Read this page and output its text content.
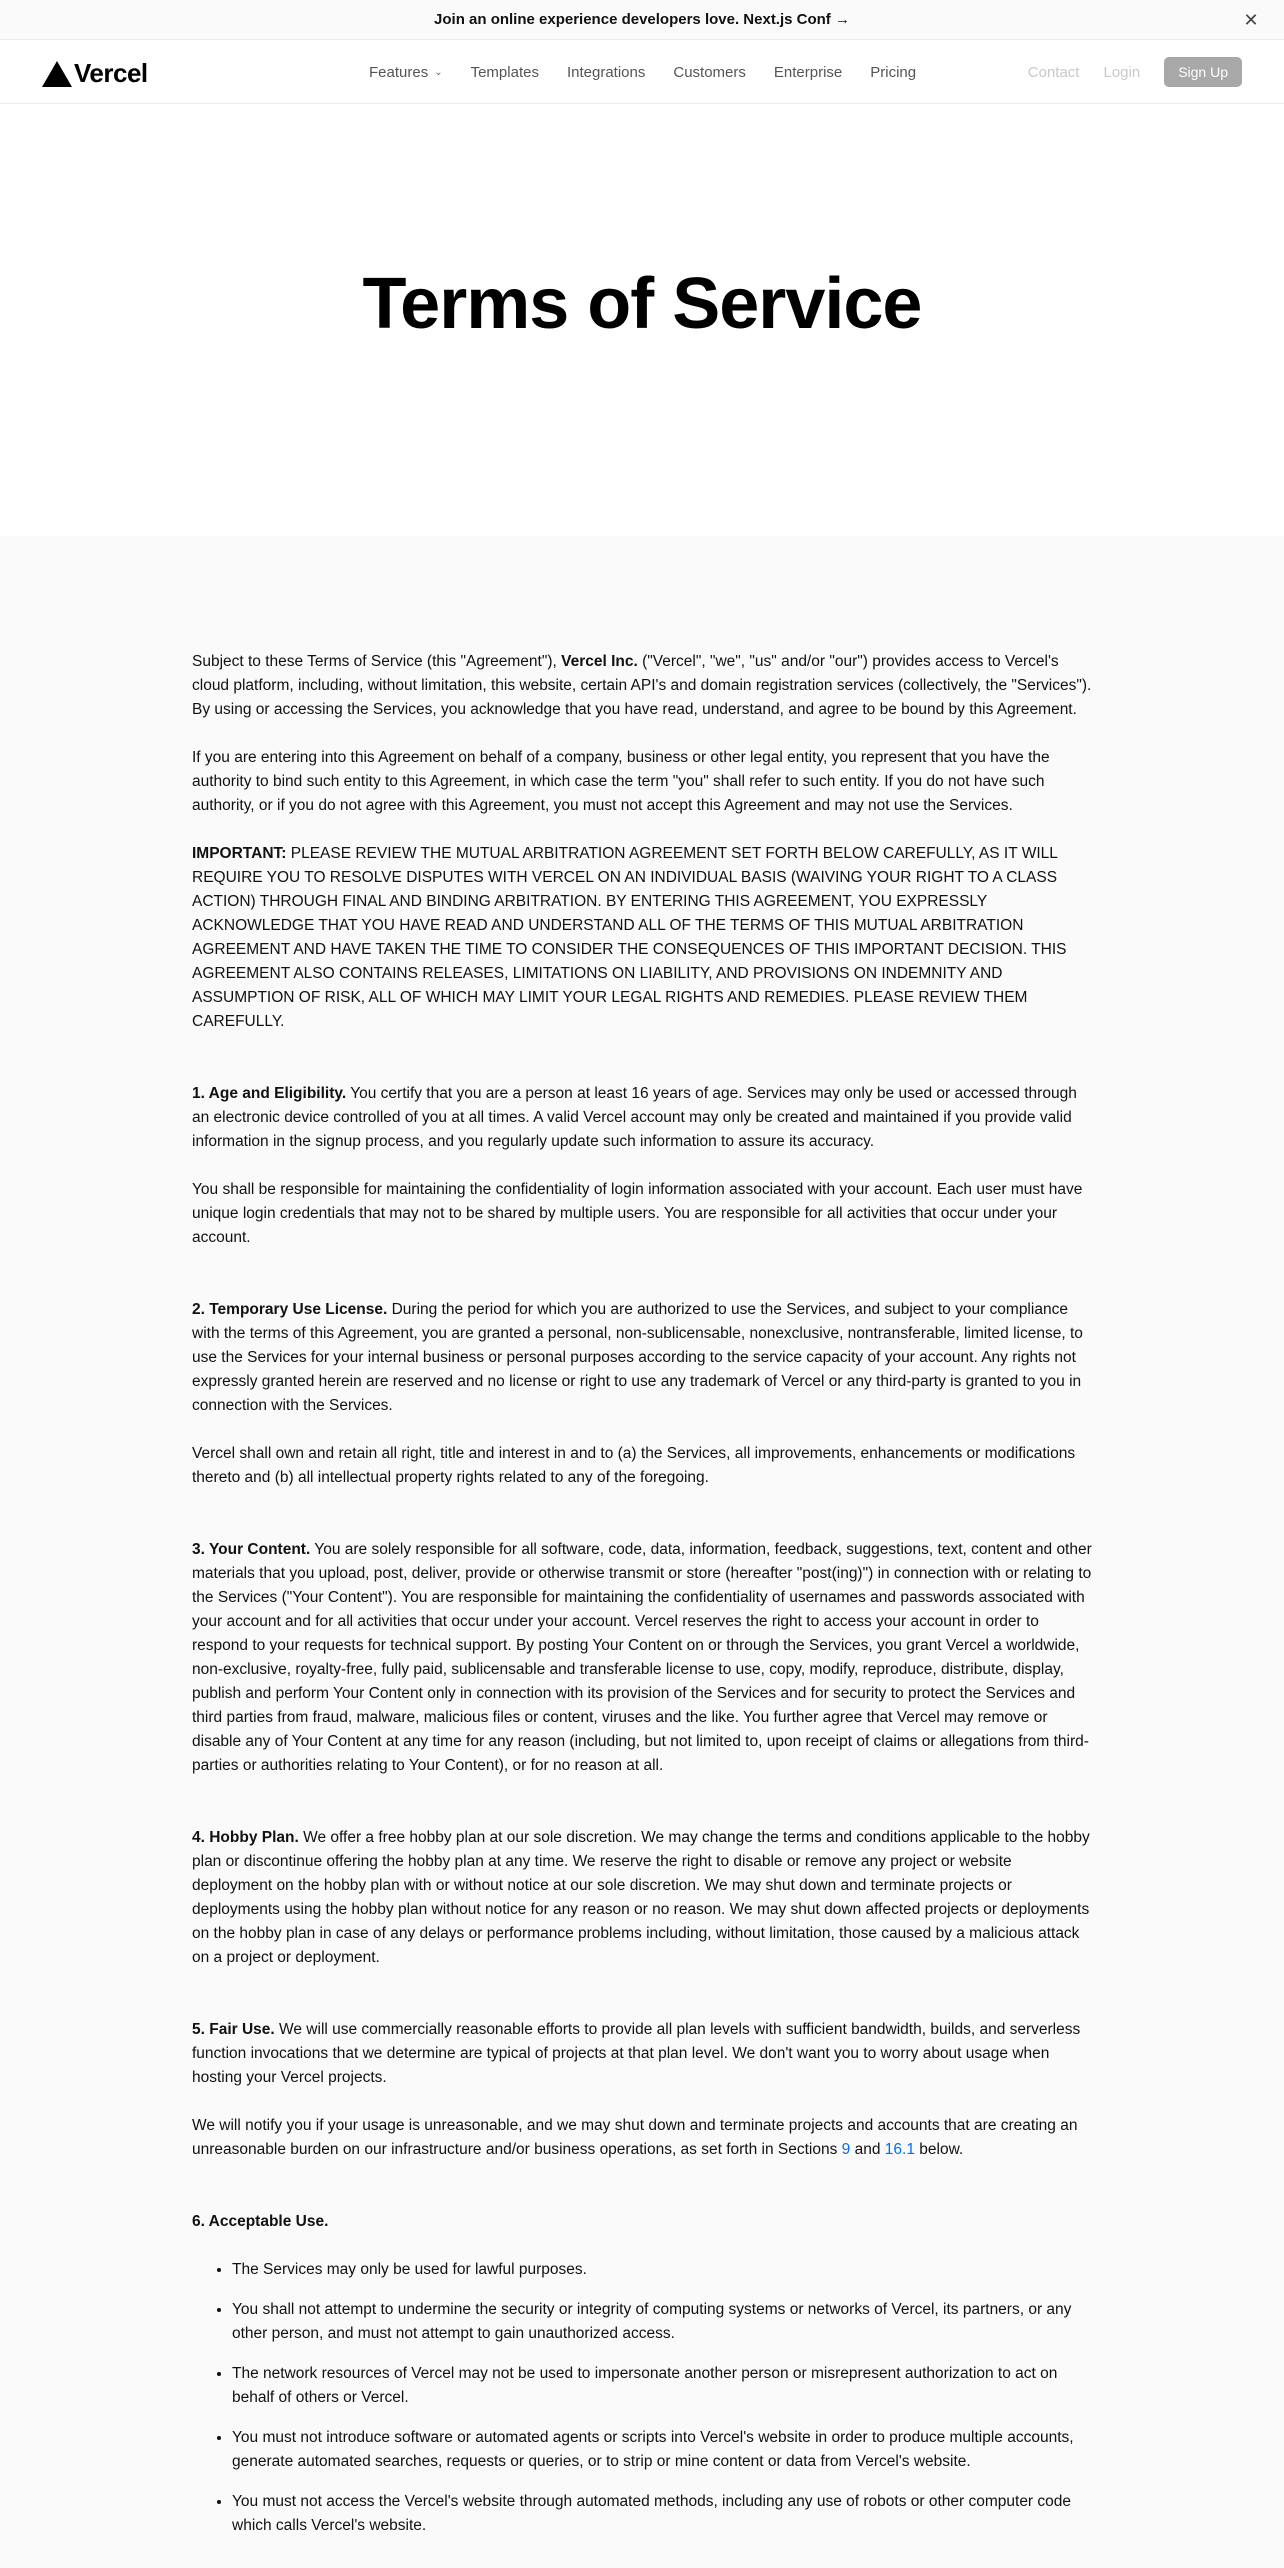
Join an online experience developers love. Next.js Conf →	✕
Vercel	Features ⌄ Templates Integrations Customers Enterprise Pricing	Contact Login	Sign Up
Terms of Service

Subject to these Terms of Service (this "Agreement"), Vercel Inc. ("Vercel", "we", "us" and/or "our") provides access to Vercel's cloud platform, including, without limitation, this website, certain API's and domain registration services (collectively, the "Services"). By using or accessing the Services, you acknowledge that you have read, understand, and agree to be bound by this Agreement.

If you are entering into this Agreement on behalf of a company, business or other legal entity, you represent that you have the authority to bind such entity to this Agreement, in which case the term "you" shall refer to such entity. If you do not have such authority, or if you do not agree with this Agreement, you must not accept this Agreement and may not use the Services.

IMPORTANT: PLEASE REVIEW THE MUTUAL ARBITRATION AGREEMENT SET FORTH BELOW CAREFULLY, AS IT WILL REQUIRE YOU TO RESOLVE DISPUTES WITH VERCEL ON AN INDIVIDUAL BASIS (WAIVING YOUR RIGHT TO A CLASS ACTION) THROUGH FINAL AND BINDING ARBITRATION. BY ENTERING THIS AGREEMENT, YOU EXPRESSLY ACKNOWLEDGE THAT YOU HAVE READ AND UNDERSTAND ALL OF THE TERMS OF THIS MUTUAL ARBITRATION AGREEMENT AND HAVE TAKEN THE TIME TO CONSIDER THE CONSEQUENCES OF THIS IMPORTANT DECISION. THIS AGREEMENT ALSO CONTAINS RELEASES, LIMITATIONS ON LIABILITY, AND PROVISIONS ON INDEMNITY AND ASSUMPTION OF RISK, ALL OF WHICH MAY LIMIT YOUR LEGAL RIGHTS AND REMEDIES. PLEASE REVIEW THEM CAREFULLY.

1. Age and Eligibility. You certify that you are a person at least 16 years of age. Services may only be used or accessed through an electronic device controlled of you at all times. A valid Vercel account may only be created and maintained if you provide valid information in the signup process, and you regularly update such information to assure its accuracy.

You shall be responsible for maintaining the confidentiality of login information associated with your account. Each user must have unique login credentials that may not to be shared by multiple users. You are responsible for all activities that occur under your account.

2. Temporary Use License. During the period for which you are authorized to use the Services, and subject to your compliance with the terms of this Agreement, you are granted a personal, non-sublicensable, nonexclusive, nontransferable, limited license, to use the Services for your internal business or personal purposes according to the service capacity of your account. Any rights not expressly granted herein are reserved and no license or right to use any trademark of Vercel or any third-party is granted to you in connection with the Services.

Vercel shall own and retain all right, title and interest in and to (a) the Services, all improvements, enhancements or modifications thereto and (b) all intellectual property rights related to any of the foregoing.

3. Your Content. You are solely responsible for all software, code, data, information, feedback, suggestions, text, content and other materials that you upload, post, deliver, provide or otherwise transmit or store (hereafter "post(ing)") in connection with or relating to the Services ("Your Content"). You are responsible for maintaining the confidentiality of usernames and passwords associated with your account and for all activities that occur under your account. Vercel reserves the right to access your account in order to respond to your requests for technical support. By posting Your Content on or through the Services, you grant Vercel a worldwide, non-exclusive, royalty-free, fully paid, sublicensable and transferable license to use, copy, modify, reproduce, distribute, display, publish and perform Your Content only in connection with its provision of the Services and for security to protect the Services and third parties from fraud, malware, malicious files or content, viruses and the like. You further agree that Vercel may remove or disable any of Your Content at any time for any reason (including, but not limited to, upon receipt of claims or allegations from third-parties or authorities relating to Your Content), or for no reason at all.

4. Hobby Plan. We offer a free hobby plan at our sole discretion. We may change the terms and conditions applicable to the hobby plan or discontinue offering the hobby plan at any time. We reserve the right to disable or remove any project or website deployment on the hobby plan with or without notice at our sole discretion. We may shut down and terminate projects or deployments using the hobby plan without notice for any reason or no reason. We may shut down affected projects or deployments on the hobby plan in case of any delays or performance problems including, without limitation, those caused by a malicious attack on a project or deployment.

5. Fair Use. We will use commercially reasonable efforts to provide all plan levels with sufficient bandwidth, builds, and serverless function invocations that we determine are typical of projects at that plan level. We don't want you to worry about usage when hosting your Vercel projects.

We will notify you if your usage is unreasonable, and we may shut down and terminate projects and accounts that are creating an unreasonable burden on our infrastructure and/or business operations, as set forth in Sections 9 and 16.1 below.

6. Acceptable Use.

• The Services may only be used for lawful purposes.
• You shall not attempt to undermine the security or integrity of computing systems or networks of Vercel, its partners, or any other person, and must not attempt to gain unauthorized access.
• The network resources of Vercel may not be used to impersonate another person or misrepresent authorization to act on behalf of others or Vercel.
• You must not introduce software or automated agents or scripts into Vercel's website in order to produce multiple accounts, generate automated searches, requests or queries, or to strip or mine content or data from Vercel's website.
• You must not access the Vercel's website through automated methods, including any use of robots or other computer code which calls Vercel's website.
